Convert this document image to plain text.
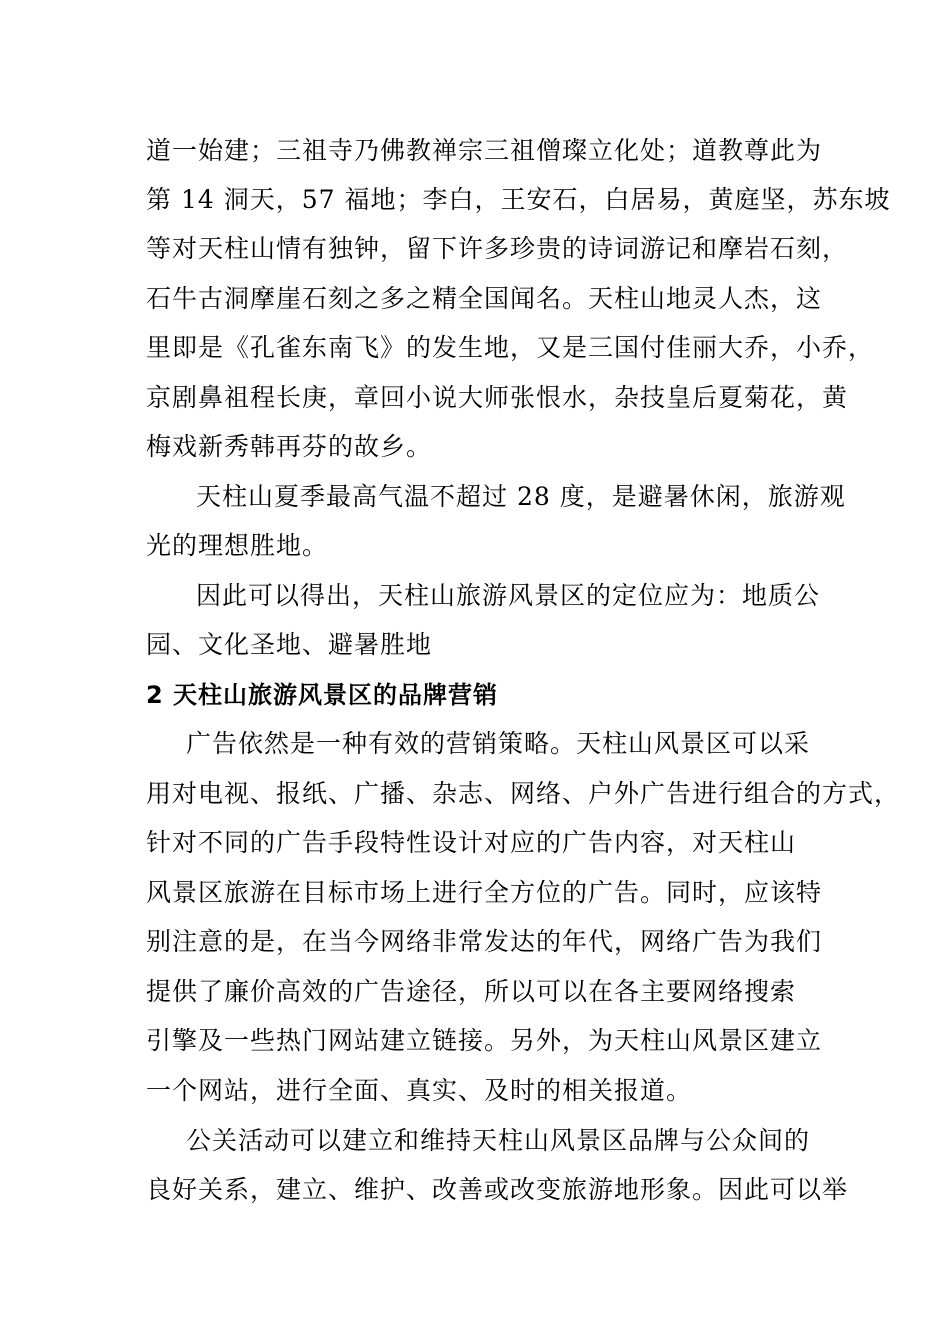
道一始建；三祖寺乃佛教禅宗三祖僧璨立化处；道教尊此为
第 14 洞天，57 福地；李白，王安石，白居易，黄庭坚，苏东坡
等对天柱山情有独钟，留下许多珍贵的诗词游记和摩岩石刻，
石牛古洞摩崖石刻之多之精全国闻名。天柱山地灵人杰，这
里即是《孔雀东南飞》的发生地，又是三国付佳丽大乔，小乔，
京剧鼻祖程长庚，章回小说大师张恨水，杂技皇后夏菊花，黄
梅戏新秀韩再芬的故乡。
天柱山夏季最高气温不超过 28 度，是避暑休闲，旅游观
光的理想胜地。
因此可以得出，天柱山旅游风景区的定位应为：地质公
园、文化圣地、避暑胜地
2 天柱山旅游风景区的品牌营销
广告依然是一种有效的营销策略。天柱山风景区可以采
用对电视、报纸、广播、杂志、网络、户外广告进行组合的方式，
针对不同的广告手段特性设计对应的广告内容，对天柱山
风景区旅游在目标市场上进行全方位的广告。同时，应该特
别注意的是，在当今网络非常发达的年代，网络广告为我们
提供了廉价高效的广告途径，所以可以在各主要网络搜索
引擎及一些热门网站建立链接。另外，为天柱山风景区建立
一个网站，进行全面、真实、及时的相关报道。
公关活动可以建立和维持天柱山风景区品牌与公众间的
良好关系，建立、维护、改善或改变旅游地形象。因此可以举
